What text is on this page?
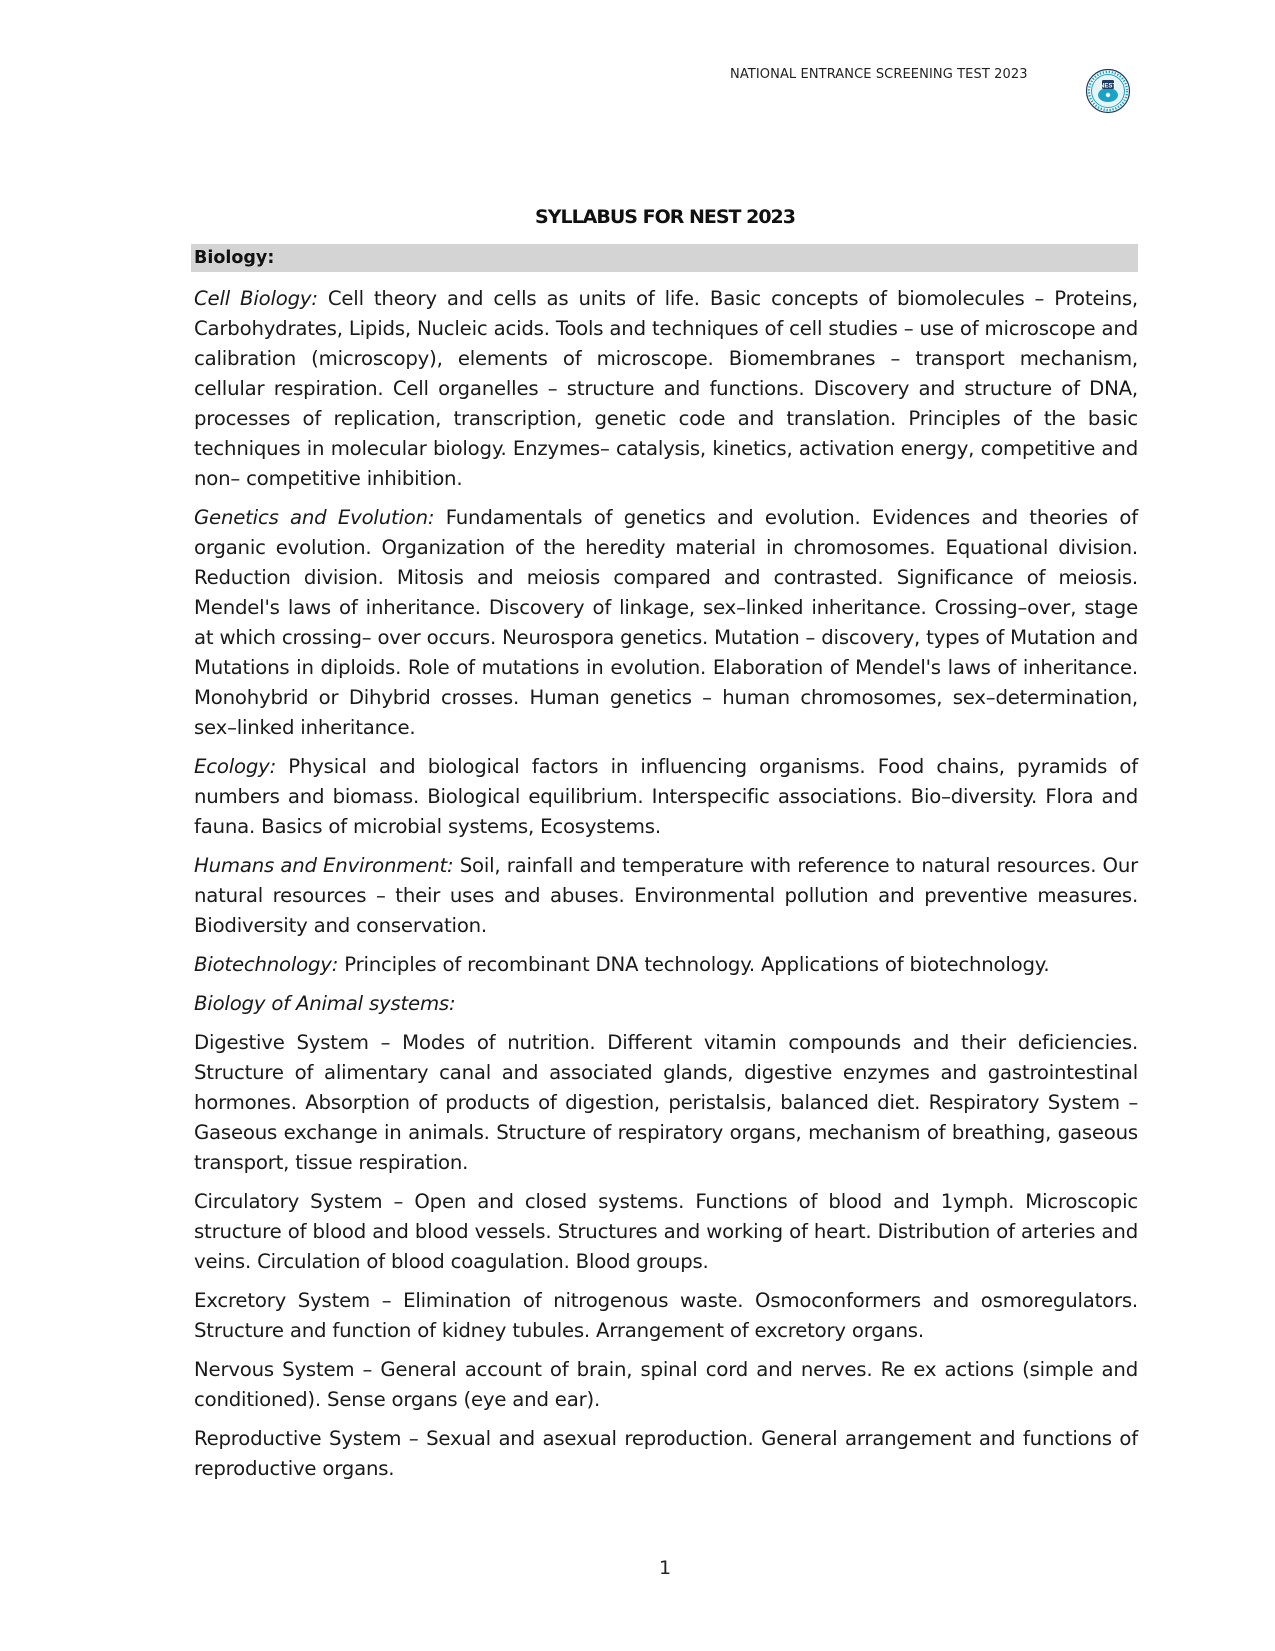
NATIONAL ENTRANCE SCREENING TEST 2023
NEST
SYLLABUS FOR NEST 2023
Biology:
Cell Biology: Cell theory and cells as units of life. Basic concepts of biomolecules – Proteins, Carbohydrates, Lipids, Nucleic acids. Tools and techniques of cell studies – use of microscope and calibration (microscopy), elements of microscope. Biomembranes – transport mechanism, cellular respiration. Cell organelles – structure and functions. Discovery and structure of DNA, processes of replication, transcription, genetic code and translation. Principles of the basic techniques in molecular biology. Enzymes– catalysis, kinetics, activation energy, competitive and non– competitive inhibition.
Genetics and Evolution: Fundamentals of genetics and evolution. Evidences and theories of organic evolution. Organization of the heredity material in chromosomes. Equational division. Reduction division. Mitosis and meiosis compared and contrasted. Significance of meiosis. Mendel's laws of inheritance. Discovery of linkage, sex–linked inheritance. Crossing–over, stage at which crossing– over occurs. Neurospora genetics. Mutation – discovery, types of Mutation and Mutations in diploids. Role of mutations in evolution. Elaboration of Mendel's laws of inheritance. Monohybrid or Dihybrid crosses. Human genetics – human chromosomes, sex–determination, sex–linked inheritance.
Ecology: Physical and biological factors in influencing organisms. Food chains, pyramids of numbers and biomass. Biological equilibrium. Interspecific associations. Bio–diversity. Flora and fauna. Basics of microbial systems, Ecosystems.
Humans and Environment: Soil, rainfall and temperature with reference to natural resources. Our natural resources – their uses and abuses. Environmental pollution and preventive measures. Biodiversity and conservation.
Biotechnology: Principles of recombinant DNA technology. Applications of biotechnology.
Biology of Animal systems:
Digestive System – Modes of nutrition. Different vitamin compounds and their deficiencies. Structure of alimentary canal and associated glands, digestive enzymes and gastrointestinal hormones. Absorption of products of digestion, peristalsis, balanced diet. Respiratory System – Gaseous exchange in animals. Structure of respiratory organs, mechanism of breathing, gaseous transport, tissue respiration.
Circulatory System – Open and closed systems. Functions of blood and 1ymph. Microscopic structure of blood and blood vessels. Structures and working of heart. Distribution of arteries and veins. Circulation of blood coagulation. Blood groups.
Excretory System – Elimination of nitrogenous waste. Osmoconformers and osmoregulators. Structure and function of kidney tubules. Arrangement of excretory organs.
Nervous System – General account of brain, spinal cord and nerves. Re ex actions (simple and conditioned). Sense organs (eye and ear).
Reproductive System – Sexual and asexual reproduction. General arrangement and functions of reproductive organs.
1
